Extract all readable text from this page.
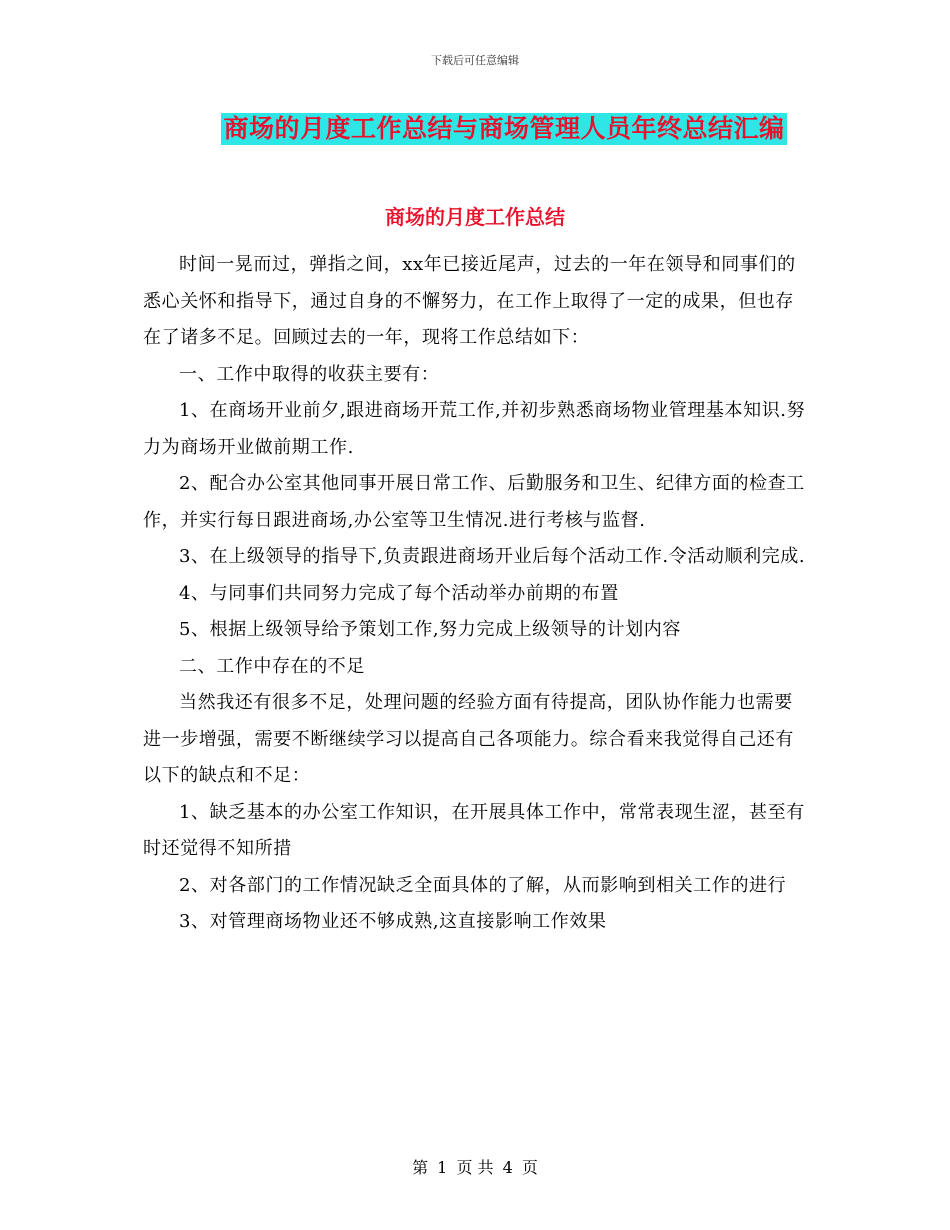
下载后可任意编辑
商场的月度工作总结与商场管理人员年终总结汇编
商场的月度工作总结

时间一晃而过，弹指之间，xx年已接近尾声，过去的一年在领导和同事们的悉心关怀和指导下，通过自身的不懈努力，在工作上取得了一定的成果，但也存在了诸多不足。回顾过去的一年，现将工作总结如下：

一、工作中取得的收获主要有：

1、在商场开业前夕,跟进商场开荒工作,并初步熟悉商场物业管理基本知识.努力为商场开业做前期工作.

2、配合办公室其他同事开展日常工作、后勤服务和卫生、纪律方面的检查工作，并实行每日跟进商场,办公室等卫生情况.进行考核与监督.

3、在上级领导的指导下,负责跟进商场开业后每个活动工作.令活动顺利完成.

4、与同事们共同努力完成了每个活动举办前期的布置

5、根据上级领导给予策划工作,努力完成上级领导的计划内容

二、工作中存在的不足

当然我还有很多不足，处理问题的经验方面有待提高，团队协作能力也需要进一步增强，需要不断继续学习以提高自己各项能力。综合看来我觉得自己还有以下的缺点和不足：

1、缺乏基本的办公室工作知识，在开展具体工作中，常常表现生涩，甚至有时还觉得不知所措

2、对各部门的工作情况缺乏全面具体的了解，从而影响到相关工作的进行

3、对管理商场物业还不够成熟,这直接影响工作效果

第 1 页 共 4 页
